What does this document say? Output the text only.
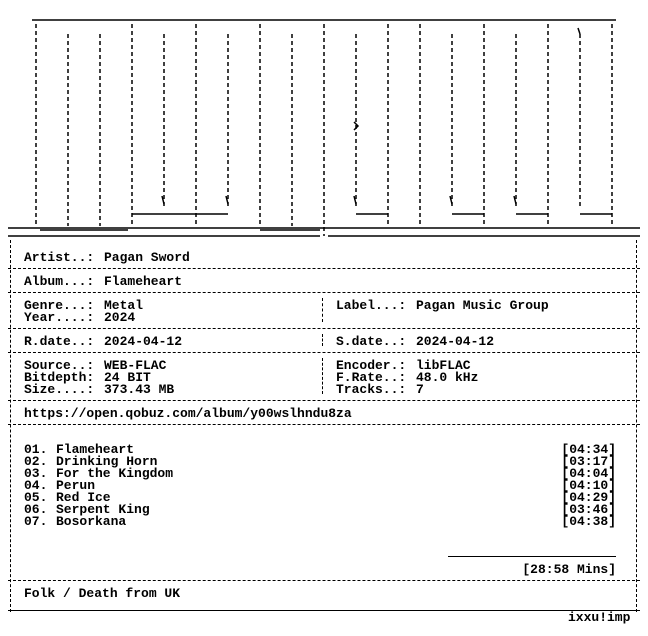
Artist..: Pagan Sword
Album...: Flameheart
Genre...: Metal
Year....: 2024
Label...: Pagan Music Group
R.date..: 2024-04-12	S.date..: 2024-04-12
Source..: WEB-FLAC
Bitdepth: 24 BIT
Size....: 373.43 MB
Encoder.: libFLAC
F.Rate..: 48.0 kHz
Tracks..: 7
https://open.qobuz.com/album/y00wslhndu8za
01. Flameheart	[04:34]
02. Drinking Horn	[03:17]
03. For the Kingdom	[04:04]
04. Perun	[04:10]
05. Red Ice	[04:29]
06. Serpent King	[03:46]
07. Bosorkana	[04:38]
[28:58 Mins]
Folk / Death from UK
ixxu!imp
